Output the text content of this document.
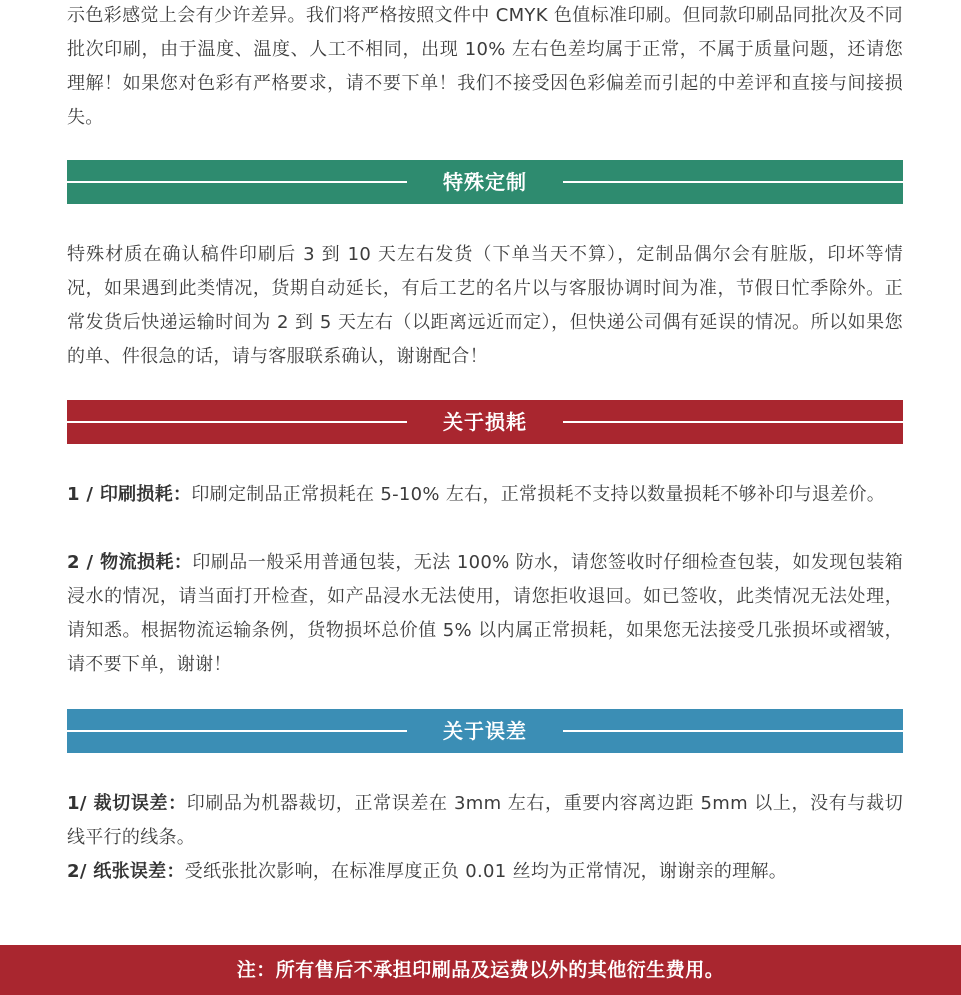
示色彩感觉上会有少许差异。我们将严格按照文件中 CMYK 色值标准印刷。但同款印刷品同批次及不同批次印刷，由于温度、温度、人工不相同，出现 10% 左右色差均属于正常，不属于质量问题，还请您理解！如果您对色彩有严格要求，请不要下单！我们不接受因色彩偏差而引起的中差评和直接与间接损失。

特殊定制

特殊材质在确认稿件印刷后 3 到 10 天左右发货（下单当天不算），定制品偶尔会有脏版，印坏等情况，如果遇到此类情况，货期自动延长，有后工艺的名片以与客服协调时间为准，节假日忙季除外。正常发货后快递运输时间为 2 到 5 天左右（以距离远近而定），但快递公司偶有延误的情况。所以如果您的单、件很急的话，请与客服联系确认，谢谢配合！

关于损耗

1 / 印刷损耗：印刷定制品正常损耗在 5-10% 左右，正常损耗不支持以数量损耗不够补印与退差价。

2 / 物流损耗：印刷品一般采用普通包装，无法 100% 防水，请您签收时仔细检查包装，如发现包装箱浸水的情况，请当面打开检查，如产品浸水无法使用，请您拒收退回。如已签收，此类情况无法处理，请知悉。根据物流运输条例，货物损坏总价值 5% 以内属正常损耗，如果您无法接受几张损坏或褶皱，请不要下单，谢谢！

关于误差

1/ 裁切误差：印刷品为机器裁切，正常误差在 3mm 左右，重要内容离边距 5mm 以上，没有与裁切线平行的线条。

2/ 纸张误差：受纸张批次影响，在标准厚度正负 0.01 丝均为正常情况，谢谢亲的理解。

注：所有售后不承担印刷品及运费以外的其他衍生费用。
